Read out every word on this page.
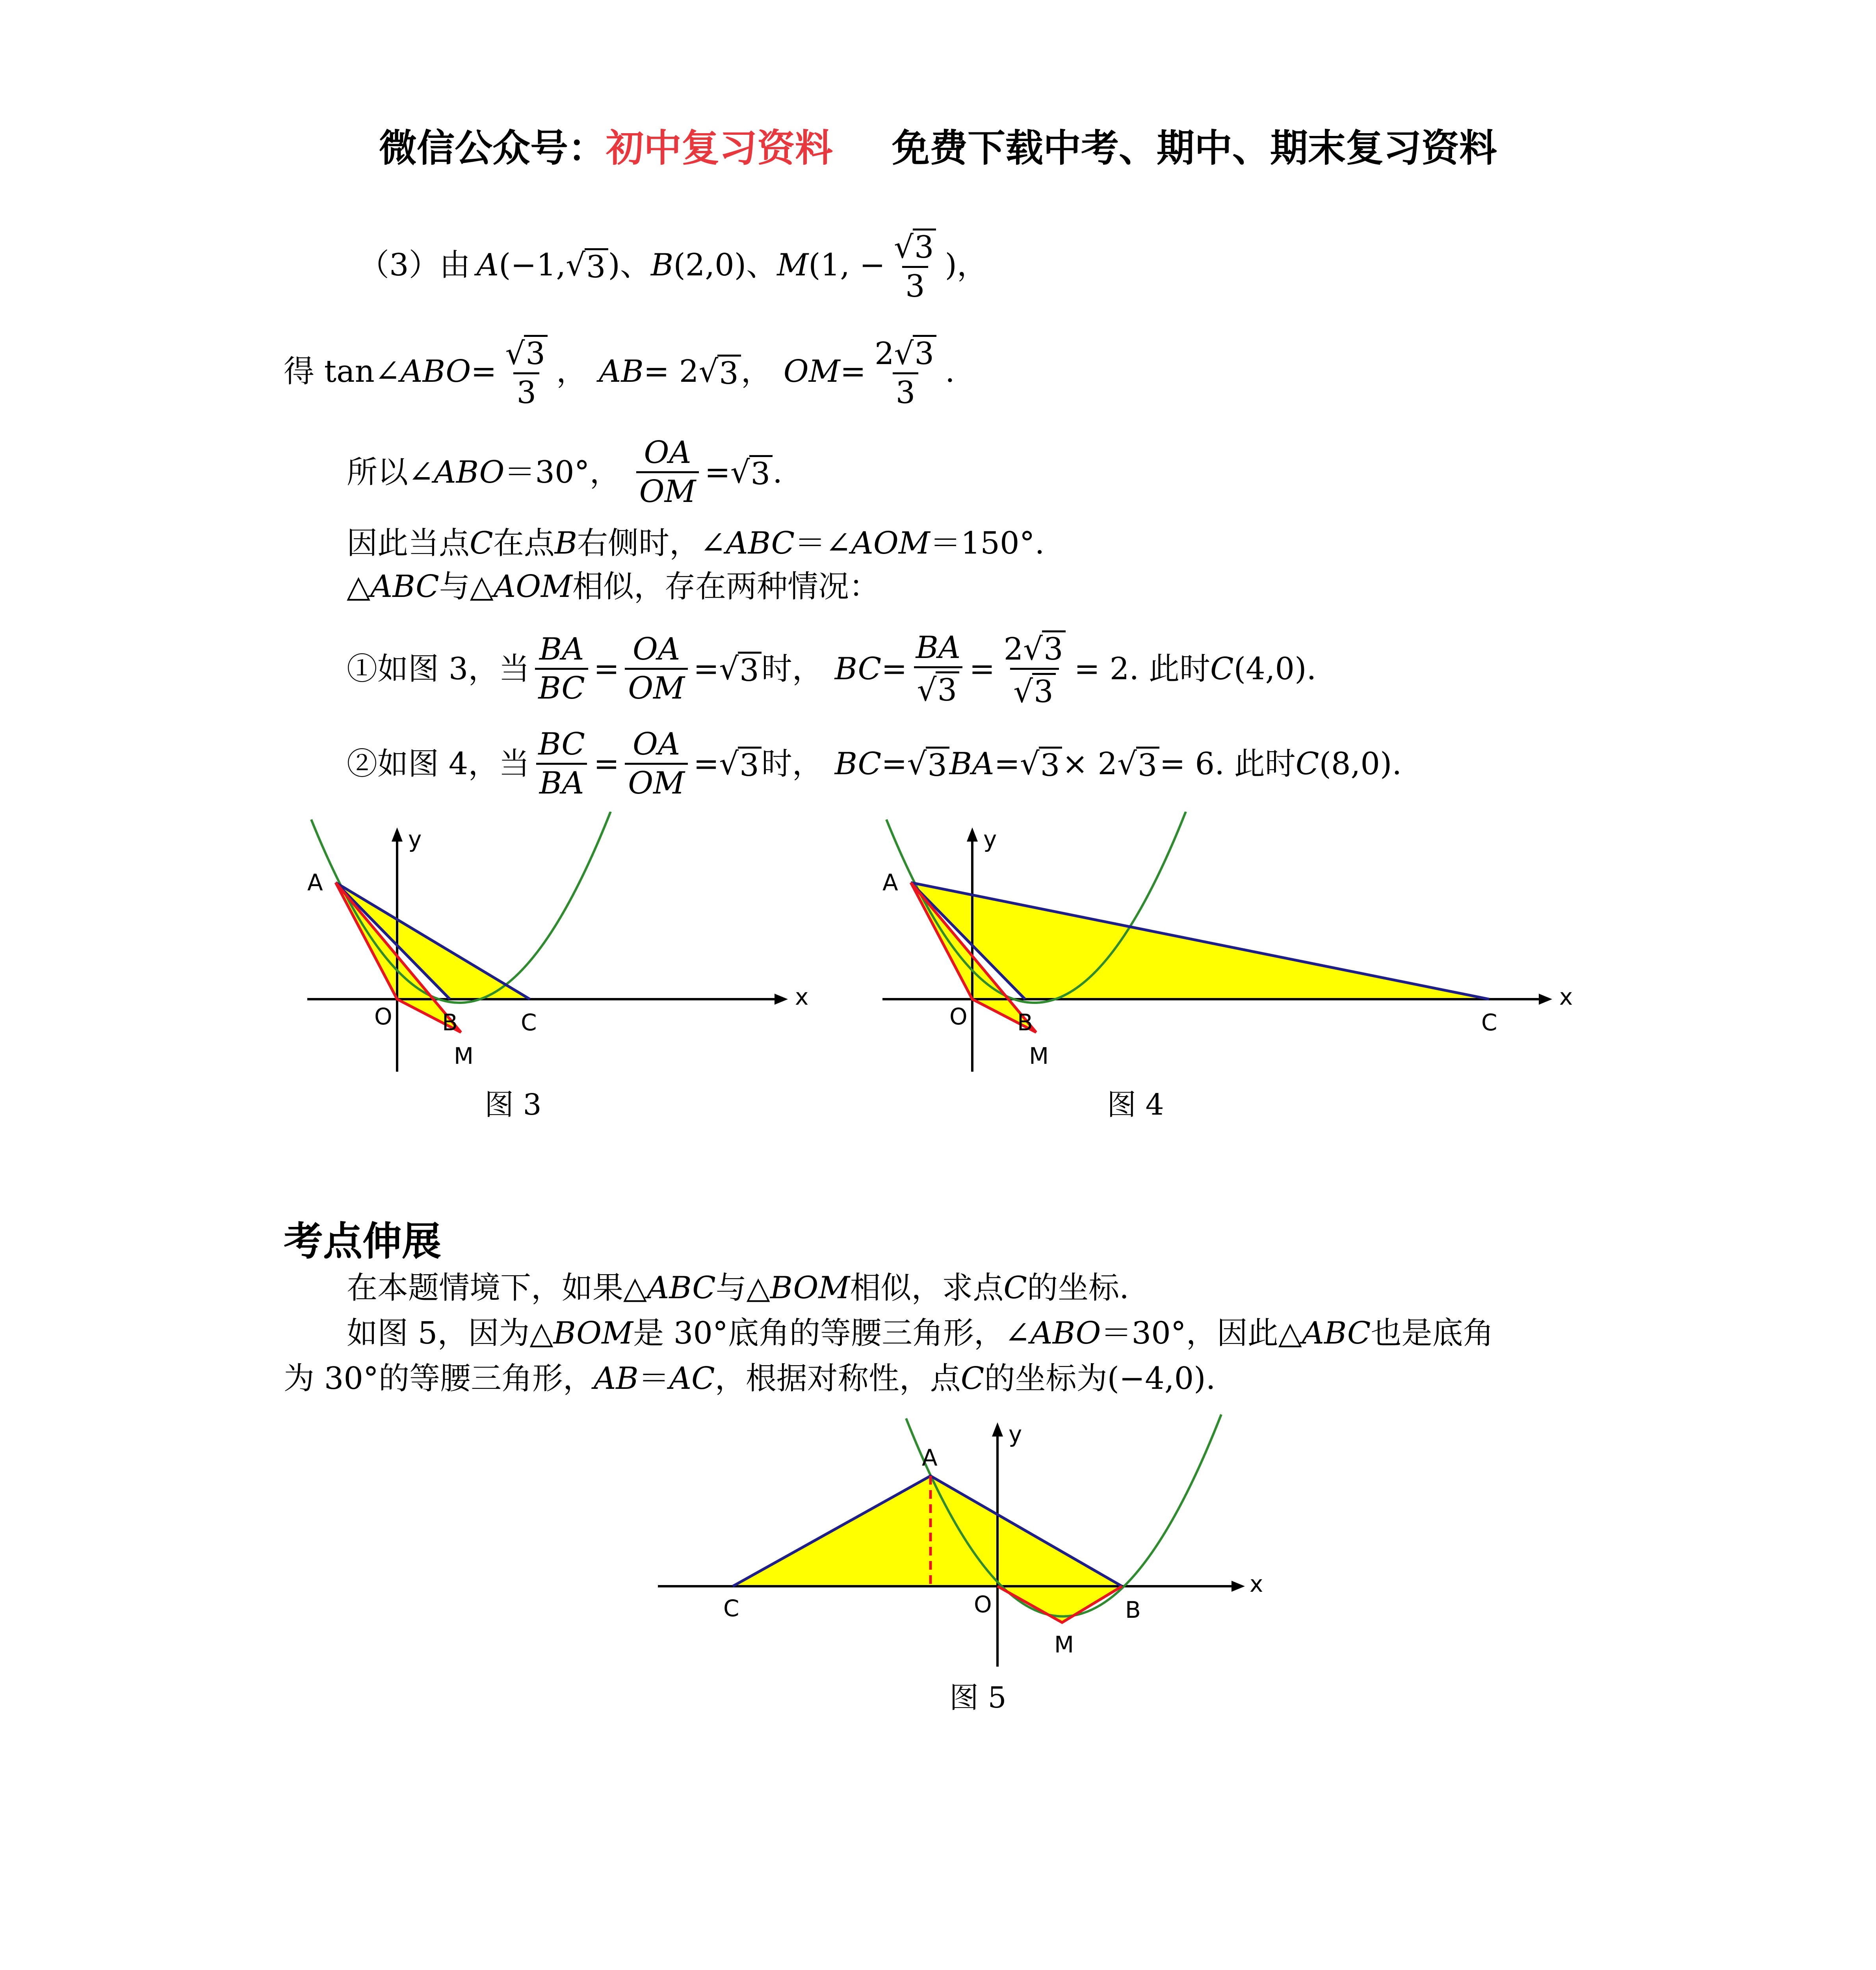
微信公众号：初中复习资料 免费下载中考、期中、期末复习资料
（3）由 A (−1, √ 3 ) 、 B (2,0) 、 M (1, − $\frac{√3}{3}$ )，
得 tan∠ ABO = $\frac{√3}{3}$ ， AB = 2 √ 3 ， OM = $\frac{2√3}{3}$ .
所以∠ ABO ＝30°， $\frac{OA}{OM}$ = √ 3 .
因此当点 C 在点 B 右侧时，∠ ABC ＝∠ AOM ＝150°.
△ ABC 与△ AOM 相似，存在两种情况：
①如图 3，当 $\frac{BA}{BC} = \frac{OA}{OM}$ = √ 3 时， BC = $\frac{BA}{√3} = \frac{2√3}{√3} = 2$ . 此时 C (4,0).
②如图 4，当 $\frac{BC}{BA} = \frac{OA}{OM}$ = √ 3 时， BC = √ 3 BA = √ 3 × 2 √ 3 = 6 . 此时 C (8,0).
A
O B
M
C
x
y
图 3
A
O B
M
C
x
y
图 4
考点伸展
在本题情境下，如果△ ABC 与△ BOM 相似，求点 C 的坐标.
如图 5，因为△ BOM 是 30°底角的等腰三角形，∠ ABO ＝30°，因此△ ABC 也是底角
为 30°的等腰三角形， AB ＝ AC ，根据对称性，点 C 的坐标为(−4,0).
A
C	O	B
M
x
y
图 5
